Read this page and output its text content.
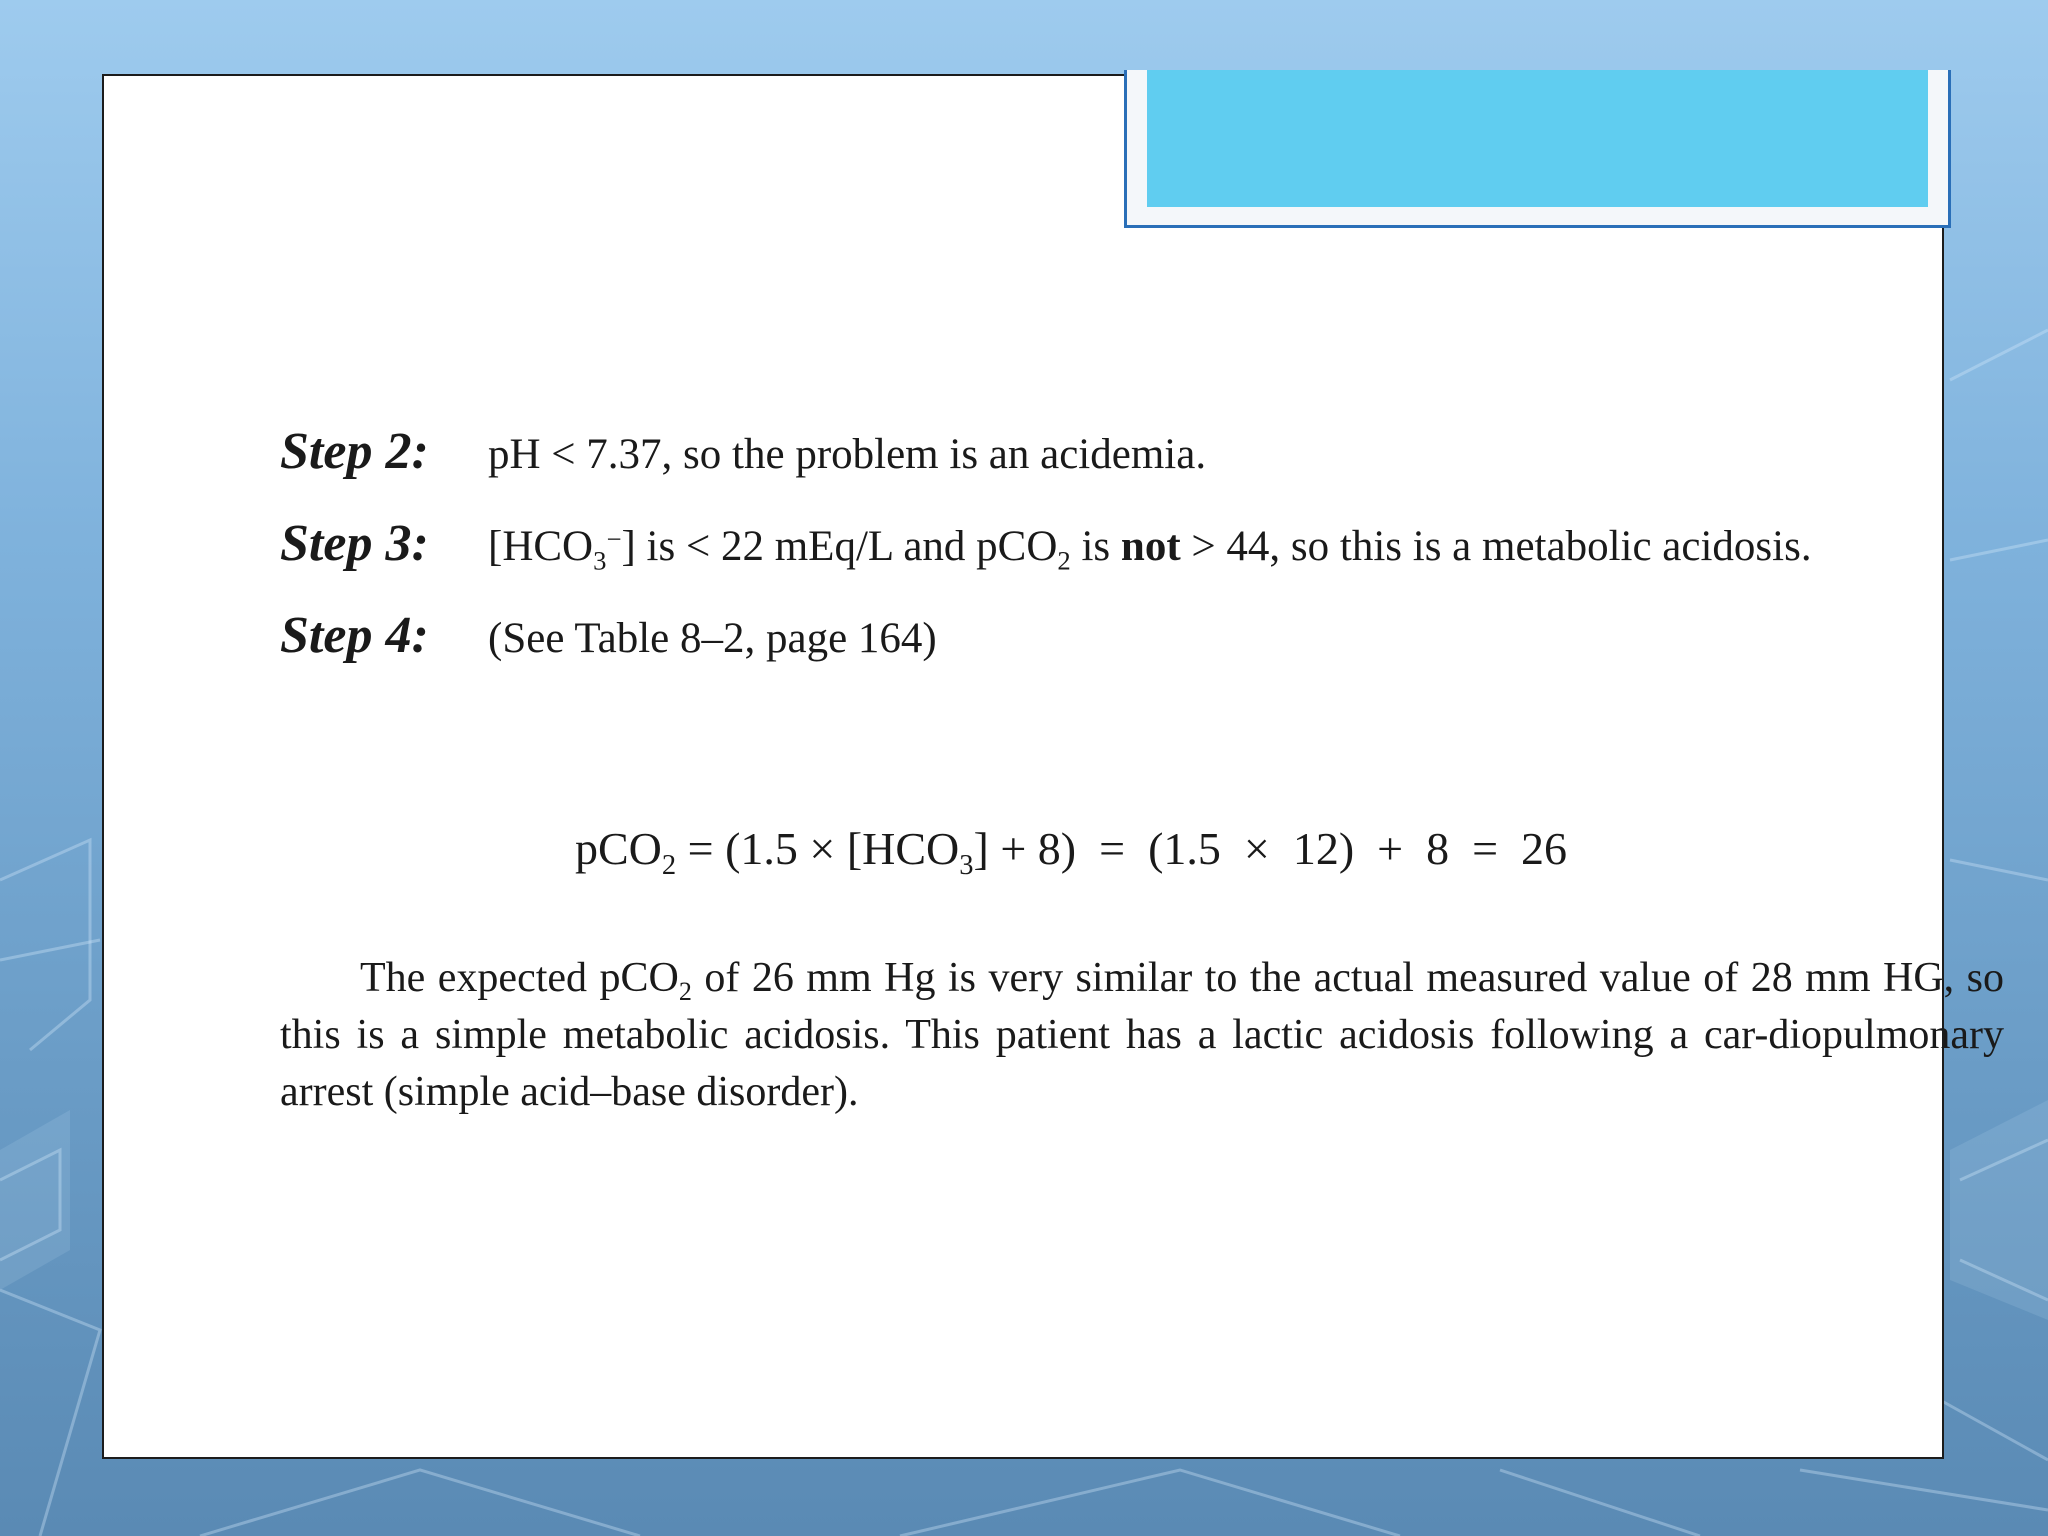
Step 2: pH < 7.37, so the problem is an acidemia.
Step 3: $[HCO_3^-]$ is < 22 mEq/L and pCO$_2$ is not > 44, so this is a metabolic acidosis.
Step 4: (See Table 8–2, page 164)
$pCO_2 = (1.5 \times [HCO_3] + 8) = (1.5 \times 12) + 8 = 26$
The expected pCO$_2$ of 26 mm Hg is very similar to the actual measured value of 28 mm HG, so this is a simple metabolic acidosis. This patient has a lactic acidosis following a car-diopulmonary arrest (simple acid–base disorder).
